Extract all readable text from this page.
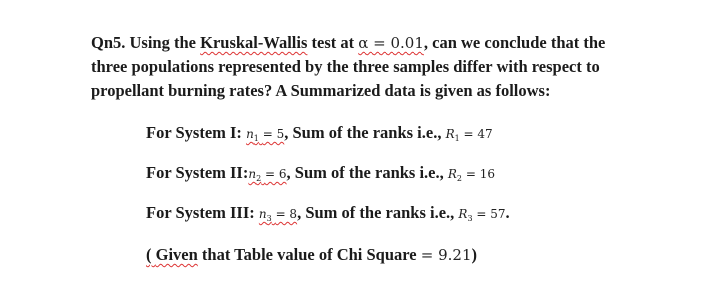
Qn5. Using the Kruskal-Wallis test at α = 0.01, can we conclude that the
three populations represented by the three samples differ with respect to
propellant burning rates? A Summarized data is given as follows:
For System I: $n_1 = 5$, Sum of the ranks i.e., $R_1 = 47$
For System $II:n_2 = 6$, Sum of the ranks i.e., $R_2 = 16$
For System III: $n_3 = 8$, Sum of the ranks i.e., $R_3 = 57$.
( Given that Table value of Chi Square = 9.21)
